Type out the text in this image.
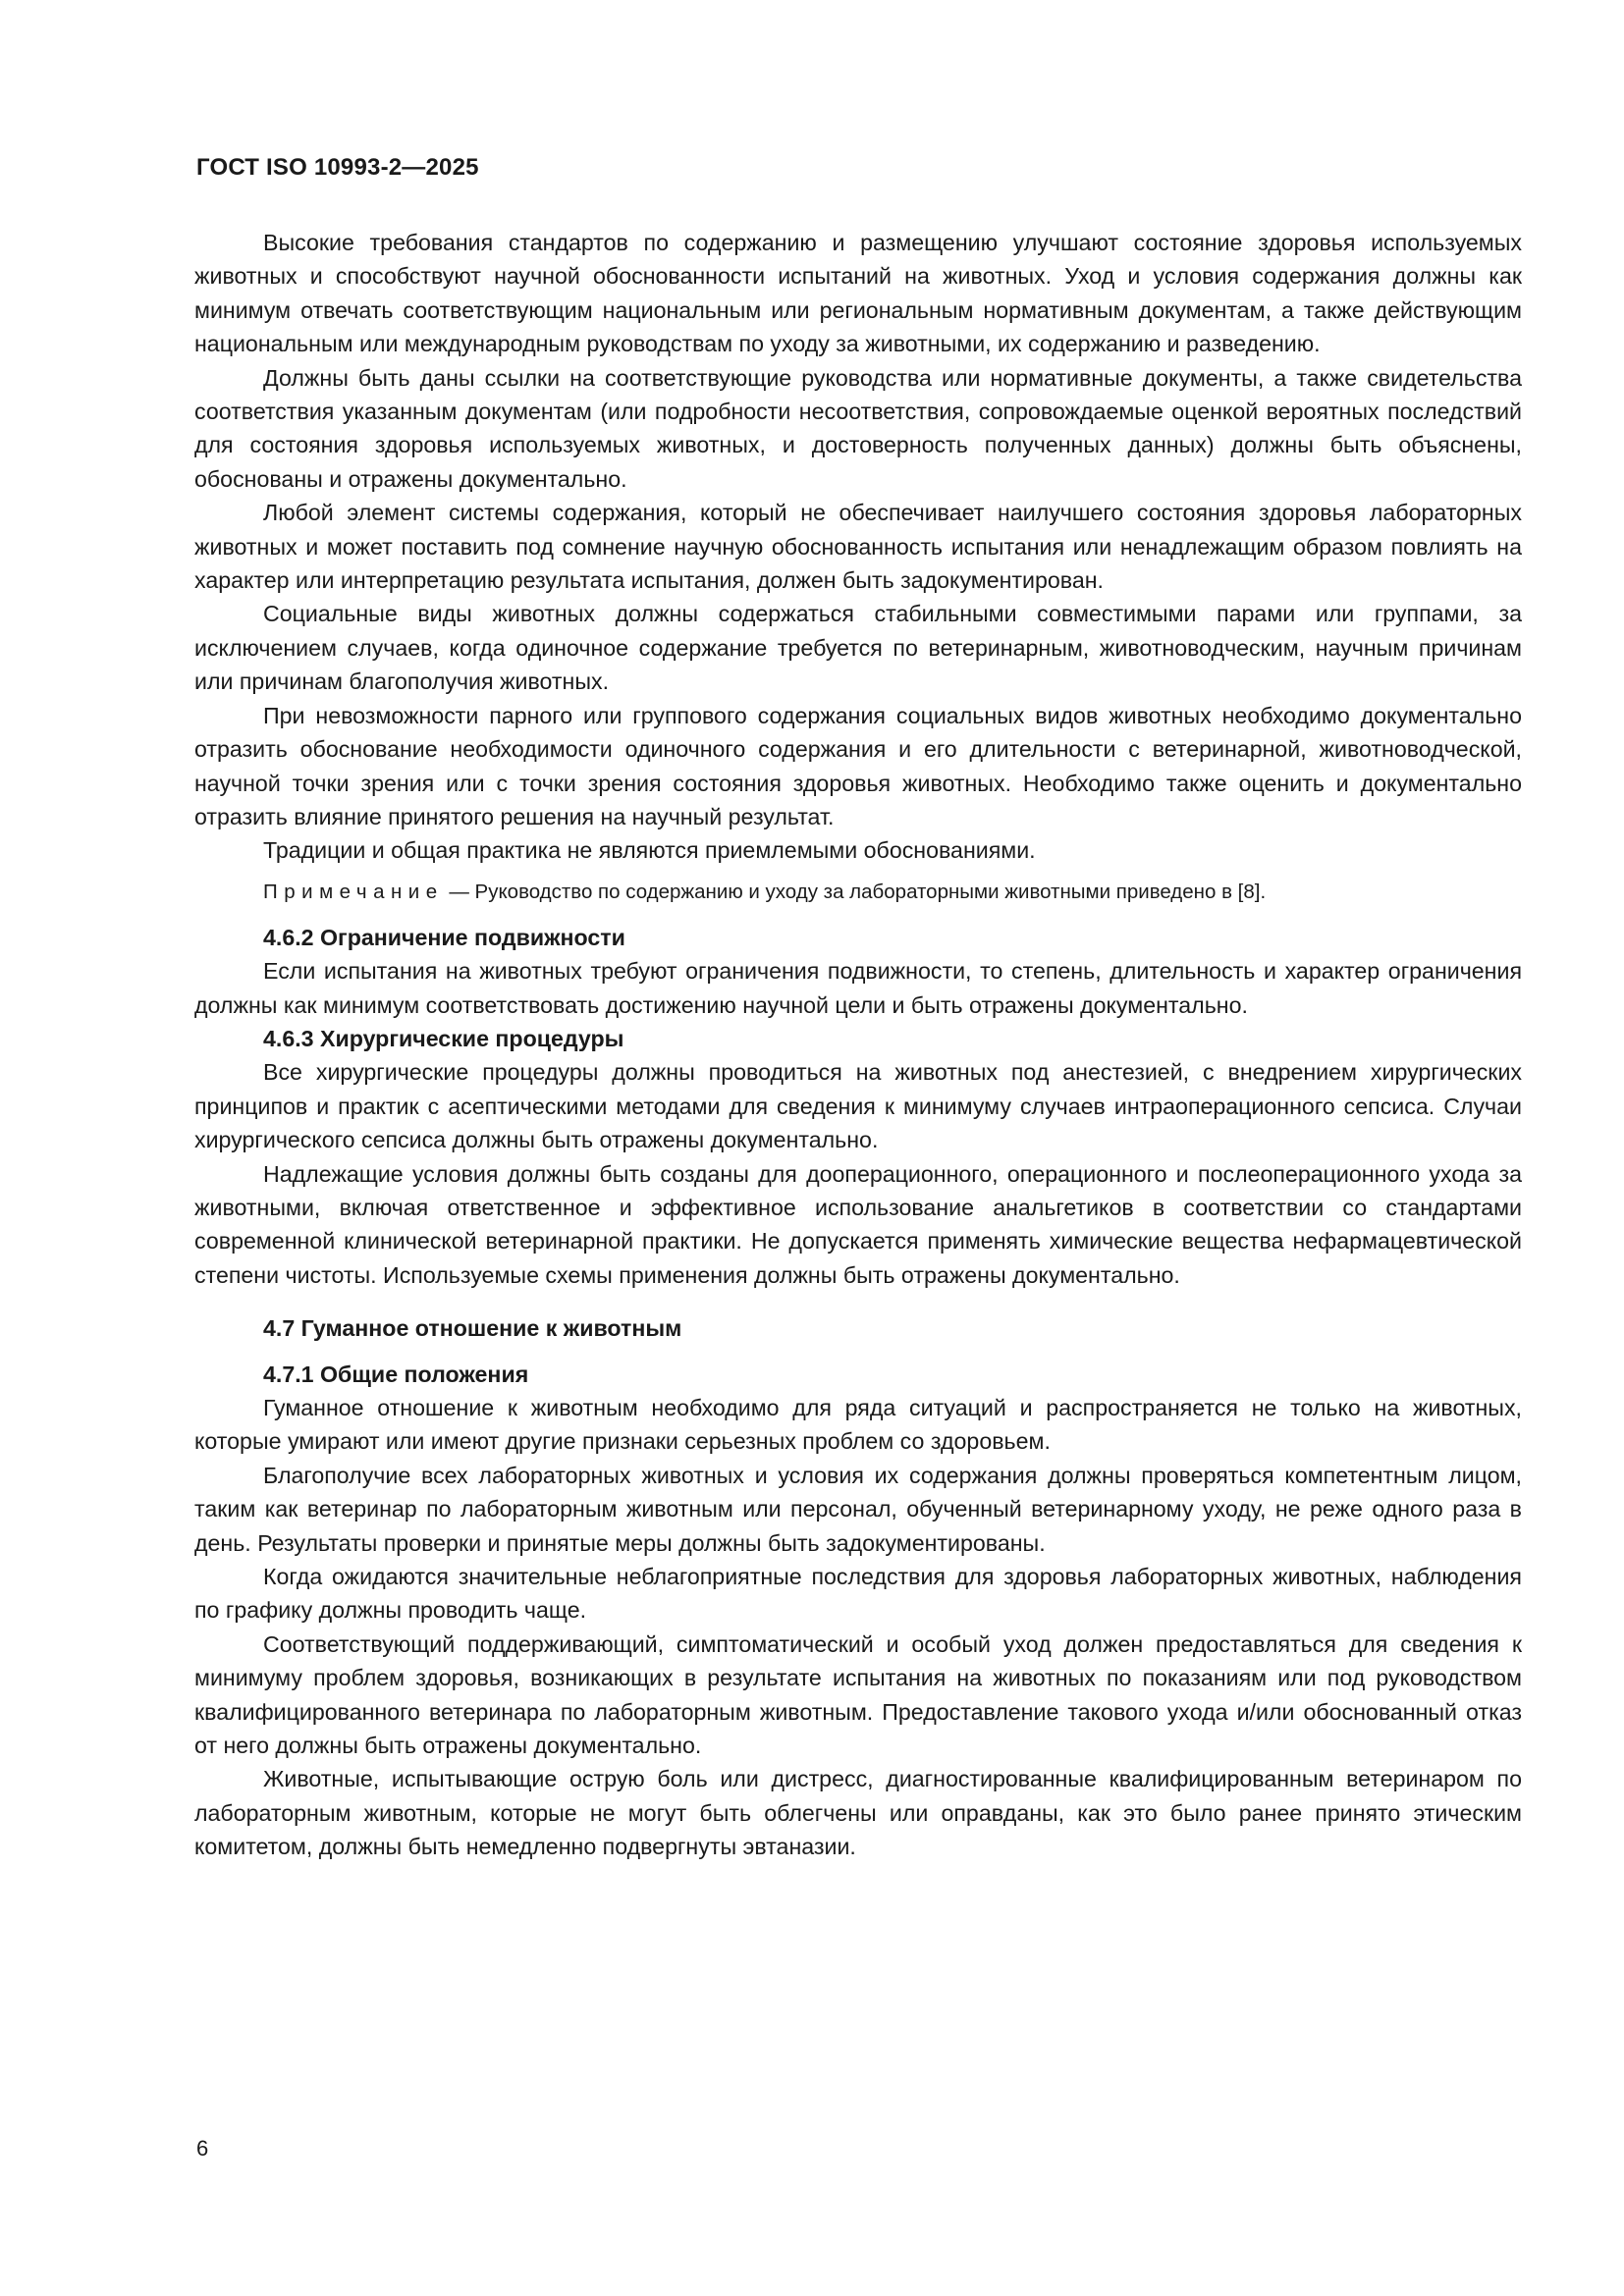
ГОСТ ISO 10993-2—2025

Высокие требования стандартов по содержанию и размещению улучшают состояние здоровья используемых животных и способствуют научной обоснованности испытаний на животных. Уход и условия содержания должны как минимум отвечать соответствующим национальным или региональным нормативным документам, а также действующим национальным или международным руководствам по уходу за животными, их содержанию и разведению.

Должны быть даны ссылки на соответствующие руководства или нормативные документы, а также свидетельства соответствия указанным документам (или подробности несоответствия, сопровождаемые оценкой вероятных последствий для состояния здоровья используемых животных, и достоверность полученных данных) должны быть объяснены, обоснованы и отражены документально.

Любой элемент системы содержания, который не обеспечивает наилучшего состояния здоровья лабораторных животных и может поставить под сомнение научную обоснованность испытания или ненадлежащим образом повлиять на характер или интерпретацию результата испытания, должен быть задокументирован.

Социальные виды животных должны содержаться стабильными совместимыми парами или группами, за исключением случаев, когда одиночное содержание требуется по ветеринарным, животноводческим, научным причинам или причинам благополучия животных.

При невозможности парного или группового содержания социальных видов животных необходимо документально отразить обоснование необходимости одиночного содержания и его длительности с ветеринарной, животноводческой, научной точки зрения или с точки зрения состояния здоровья животных. Необходимо также оценить и документально отразить влияние принятого решения на научный результат.

Традиции и общая практика не являются приемлемыми обоснованиями.

Примечание — Руководство по содержанию и уходу за лабораторными животными приведено в [8].
4.6.2 Ограничение подвижности

Если испытания на животных требуют ограничения подвижности, то степень, длительность и характер ограничения должны как минимум соответствовать достижению научной цели и быть отражены документально.

4.6.3 Хирургические процедуры

Все хирургические процедуры должны проводиться на животных под анестезией, с внедрением хирургических принципов и практик с асептическими методами для сведения к минимуму случаев интраоперационного сепсиса. Случаи хирургического сепсиса должны быть отражены документально.

Надлежащие условия должны быть созданы для дооперационного, операционного и послеоперационного ухода за животными, включая ответственное и эффективное использование анальгетиков в соответствии со стандартами современной клинической ветеринарной практики. Не допускается применять химические вещества нефармацевтической степени чистоты. Используемые схемы применения должны быть отражены документально.

4.7 Гуманное отношение к животным
4.7.1 Общие положения

Гуманное отношение к животным необходимо для ряда ситуаций и распространяется не только на животных, которые умирают или имеют другие признаки серьезных проблем со здоровьем.

Благополучие всех лабораторных животных и условия их содержания должны проверяться компетентным лицом, таким как ветеринар по лабораторным животным или персонал, обученный ветеринарному уходу, не реже одного раза в день. Результаты проверки и принятые меры должны быть задокументированы.

Когда ожидаются значительные неблагоприятные последствия для здоровья лабораторных животных, наблюдения по графику должны проводить чаще.

Соответствующий поддерживающий, симптоматический и особый уход должен предоставляться для сведения к минимуму проблем здоровья, возникающих в результате испытания на животных по показаниям или под руководством квалифицированного ветеринара по лабораторным животным. Предоставление такового ухода и/или обоснованный отказ от него должны быть отражены документально.

Животные, испытывающие острую боль или дистресс, диагностированные квалифицированным ветеринаром по лабораторным животным, которые не могут быть облегчены или оправданы, как это было ранее принято этическим комитетом, должны быть немедленно подвергнуты эвтаназии.

6
